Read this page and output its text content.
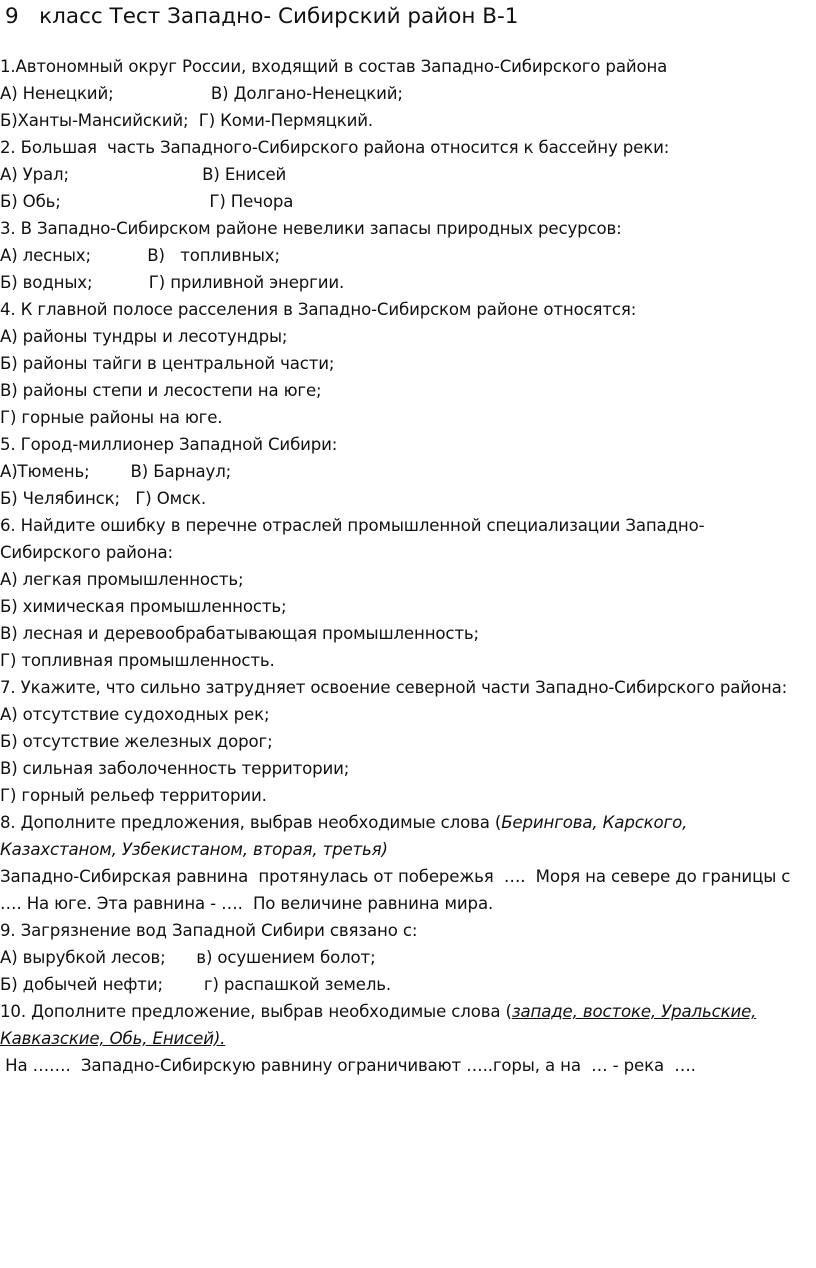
9   класс Тест Западно- Сибирский район В-1
1.Автономный округ России, входящий в состав Западно-Сибирского района
А) Ненецкий;                   В) Долгано-Ненецкий;
Б)Ханты-Мансийский;  Г) Коми-Пермяцкий.
2. Большая  часть Западного-Сибирского района относится к бассейну реки:
А) Урал;                          В) Енисей
Б) Обь;                             Г) Печора
3. В Западно-Сибирском районе невелики запасы природных ресурсов:
А) лесных;           В)   топливных;
Б) водных;           Г) приливной энергии.
4. К главной полосе расселения в Западно-Сибирском районе относятся:
А) районы тундры и лесотундры;
Б) районы тайги в центральной части;
В) районы степи и лесостепи на юге;
Г) горные районы на юге.
5. Город-миллионер Западной Сибири:
А)Тюмень;        В) Барнаул;
Б) Челябинск;   Г) Омск.
6. Найдите ошибку в перечне отраслей промышленной специализации Западно-
Сибирского района:
А) легкая промышленность;
Б) химическая промышленность;
В) лесная и деревообрабатывающая промышленность;
Г) топливная промышленность.
7. Укажите, что сильно затрудняет освоение северной части Западно-Сибирского района:
А) отсутствие судоходных рек;
Б) отсутствие железных дорог;
В) сильная заболоченность территории;
Г) горный рельеф территории.
8. Дополните предложения, выбрав необходимые слова (Берингова, Карского,
Казахстаном, Узбекистаном, вторая, третья)
Западно-Сибирская равнина  протянулась от побережья  ….  Моря на севере до границы с
…. На юге. Эта равнина - ….  По величине равнина мира.
9. Загрязнение вод Западной Сибири связано с:
А) вырубкой лесов;      в) осушением болот;
Б) добычей нефти;        г) распашкой земель.
10. Дополните предложение, выбрав необходимые слова (западе, востоке, Уральские,
Кавказские, Обь, Енисей).
На …….  Западно-Сибирскую равнину ограничивают …..горы, а на  … - река  ….
